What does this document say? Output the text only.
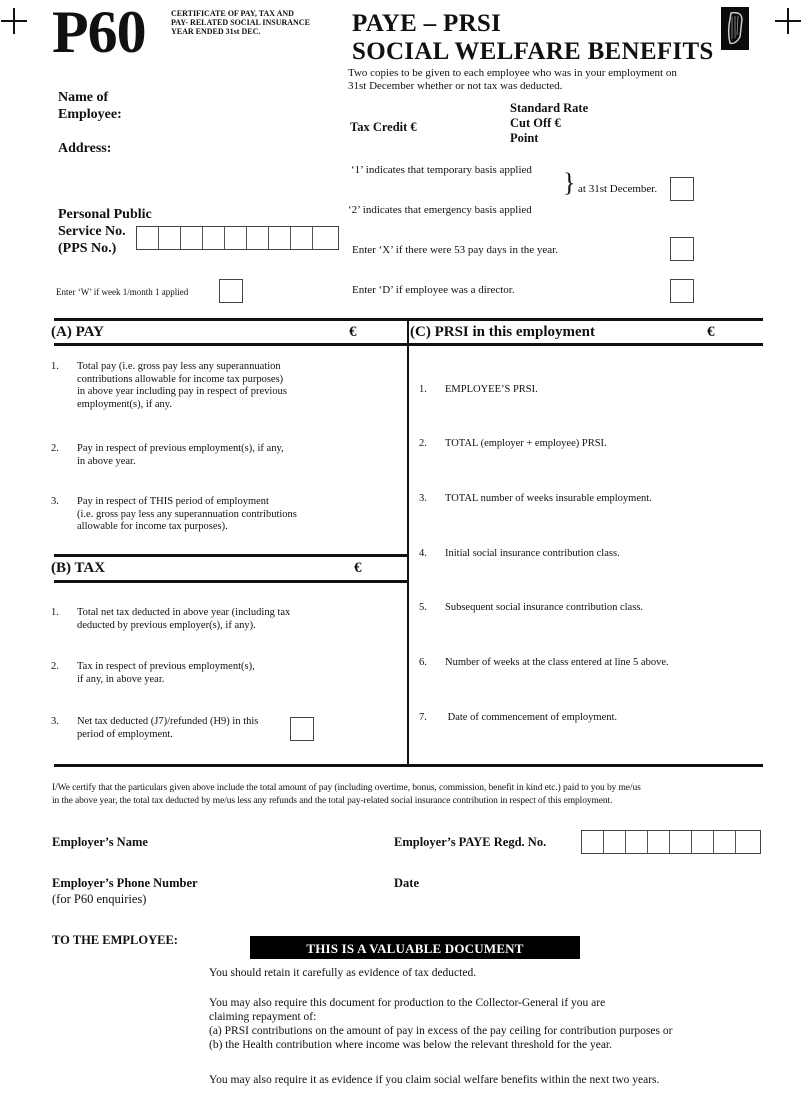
P60	CERTIFICATE OF PAY, TAX AND
PAY- RELATED SOCIAL INSURANCE
YEAR ENDED 31st DEC.	PAYE – PRSI
SOCIAL WELFARE BENEFITS
Two copies to be given to each employee who was in your employment on
31st December whether or not tax was deducted.
Name of
Employee:
Address:
Personal Public
Service No.
(PPS No.)
Enter ‘W’ if week 1/month 1 applied
Tax Credit €
Standard Rate
Cut Off €
Point
‘1’ indicates that temporary basis applied
‘2’ indicates that emergency basis applied
} at 31st December.
Enter ‘X’ if there were 53 pay days in the year.
Enter ‘D’ if employee was a director.
(A) PAY	€
1.	Total pay (i.e. gross pay less any superannuation
contributions allowable for income tax purposes)
in above year including pay in respect of previous
employment(s), if any.
2.	Pay in respect of previous employment(s), if any,
in above year.
3.	Pay in respect of THIS period of employment
(i.e. gross pay less any superannuation contributions
allowable for income tax purposes).
(B) TAX	€
1.	Total net tax deducted in above year (including tax
deducted by previous employer(s), if any).
2.	Tax in respect of previous employment(s),
if any, in above year.
3.	Net tax deducted (J7)/refunded (H9) in this
period of employment.
(C) PRSI in this employment	€
1.	EMPLOYEE’S PRSI.
2.	TOTAL (employer + employee) PRSI.
3.	TOTAL number of weeks insurable employment.
4.	Initial social insurance contribution class.
5.	Subsequent social insurance contribution class.
6.	Number of weeks at the class entered at line 5 above.
7.	Date of commencement of employment.
I/We certify that the particulars given above include the total amount of pay (including overtime, bonus, commission, benefit in kind etc.) paid to you by me/us
in the above year, the total tax deducted by me/us less any refunds and the total pay-related social insurance contribution in respect of this employment.
Employer’s Name	Employer’s PAYE Regd. No.
Employer’s Phone Number
(for P60 enquiries)
Date
TO THE EMPLOYEE:
THIS IS A VALUABLE DOCUMENT
You should retain it carefully as evidence of tax deducted.
You may also require this document for production to the Collector-General if you are
claiming repayment of:
(a) PRSI contributions on the amount of pay in excess of the pay ceiling for contribution purposes or
(b) the Health contribution where income was below the relevant threshold for the year.
You may also require it as evidence if you claim social welfare benefits within the next two years.
